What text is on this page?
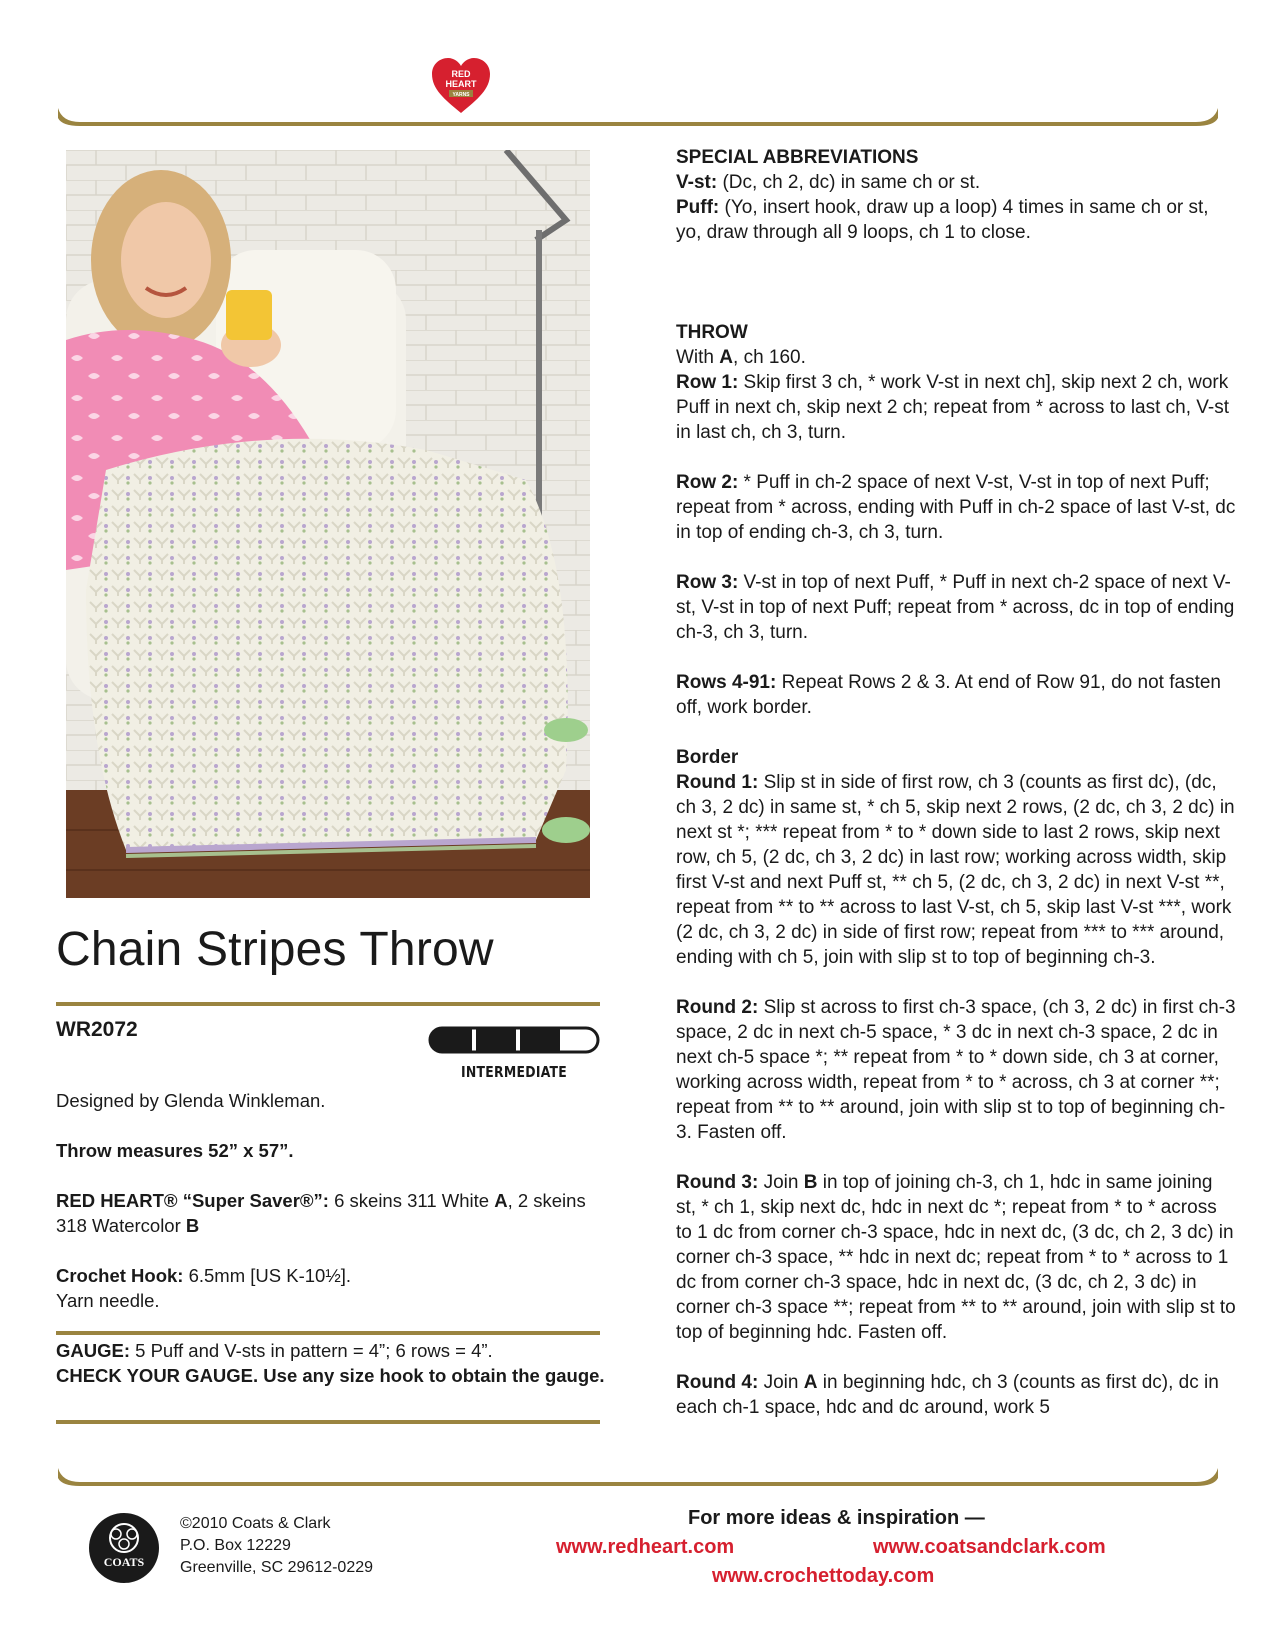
RED
HEART
YARNS
Chain Stripes Throw
WR2072
INTERMEDIATE
Designed by Glenda Winkleman.
Throw measures 52” x 57”.
RED HEART® “Super Saver®”: 6 skeins 311 White A, 2 skeins 318 Watercolor B
Crochet Hook: 6.5mm [US K-10½].
Yarn needle.
GAUGE: 5 Puff and V-sts in pattern = 4”; 6 rows = 4”.
CHECK YOUR GAUGE. Use any size hook to obtain the gauge.
SPECIAL ABBREVIATIONS
V-st: (Dc, ch 2, dc) in same ch or st.

Puff: (Yo, insert hook, draw up a loop) 4 times in same ch or st, yo, draw through all 9 loops, ch 1 to close.

THROW
With A, ch 160.

Row 1: Skip first 3 ch, * work V-st in next ch], skip next 2 ch, work Puff in next ch, skip next 2 ch; repeat from * across to last ch, V-st in last ch, ch 3, turn.

Row 2: * Puff in ch-2 space of next V-st, V-st in top of next Puff; repeat from * across, ending with Puff in ch-2 space of last V-st, dc in top of ending ch-3, ch 3, turn.

Row 3: V-st in top of next Puff, * Puff in next ch-2 space of next V-st, V-st in top of next Puff; repeat from * across, dc in top of ending ch-3, ch 3, turn.

Rows 4-91: Repeat Rows 2 & 3. At end of Row 91, do not fasten off, work border.

Border

Round 1: Slip st in side of first row, ch 3 (counts as first dc), (dc, ch 3, 2 dc) in same st, * ch 5, skip next 2 rows, (2 dc, ch 3, 2 dc) in next st *; *** repeat from * to * down side to last 2 rows, skip next row, ch 5, (2 dc, ch 3, 2 dc) in last row; working across width, skip first V-st and next Puff st, ** ch 5, (2 dc, ch 3, 2 dc) in next V-st **, repeat from ** to ** across to last V-st, ch 5, skip last V-st ***, work (2 dc, ch 3, 2 dc) in side of first row; repeat from *** to *** around, ending with ch 5, join with slip st to top of beginning ch-3.

Round 2: Slip st across to first ch-3 space, (ch 3, 2 dc) in first ch-3 space, 2 dc in next ch-5 space, * 3 dc in next ch-3 space, 2 dc in next ch-5 space *; ** repeat from * to * down side, ch 3 at corner, working across width, repeat from * to * across, ch 3 at corner **; repeat from ** to ** around, join with slip st to top of beginning ch-3. Fasten off.

Round 3: Join B in top of joining ch-3, ch 1, hdc in same joining st, * ch 1, skip next dc, hdc in next dc *; repeat from * to * across to 1 dc from corner ch-3 space, hdc in next dc, (3 dc, ch 2, 3 dc) in corner ch-3 space, ** hdc in next dc; repeat from * to * across to 1 dc from corner ch-3 space, hdc in next dc, (3 dc, ch 2, 3 dc) in corner ch-3 space **; repeat from ** to ** around, join with slip st to top of beginning hdc. Fasten off.

Round 4: Join A in beginning hdc, ch 3 (counts as first dc), dc in each ch-1 space, hdc and dc around, work 5

COATS
©2010 Coats & Clark
P.O. Box 12229
Greenville, SC 29612-0229
For more ideas & inspiration —
www.redheart.com	www.coatsandclark.com
www.crochettoday.com
